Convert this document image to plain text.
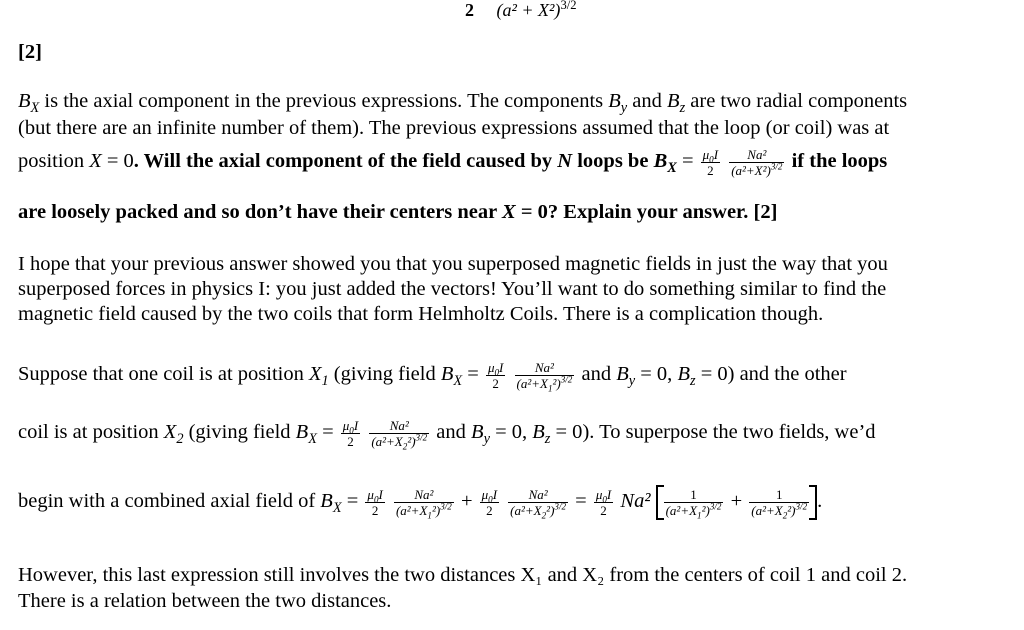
2 $(a^2 + X^2)^{3/2}$
[2]
$B_X$ is the axial component in the previous expressions. The components $B_y$ and $B_z$ are two radial components
(but there are an infinite number of them). The previous expressions assumed that the loop (or coil) was at
position X = 0. Will the axial component of the field caused by N loops be $B_X = \frac{\mu_0I}{2}$
$\frac{\text{Na²}}{(a^2+X^2)^{3/2}}$ if the loops
are loosely packed and so don’t have their centers near X = 0? Explain your answer. [2]
I hope that your previous answer showed you that you superposed magnetic fields in just the way that you
superposed forces in physics I: you just added the vectors! You’ll want to do something similar to find the
magnetic field caused by the two coils that form Helmholtz Coils. There is a complication though.
Suppose that one coil is at position $X_1$ (giving field $B_X = \frac{\mu_0I}{2}$
$\frac{\text{Na²}}{(a^2+X_1^2)^{3/2}}$ and $B_y = 0$, $B_z = 0$) and the other
coil is at position $X_2$ (giving field $B_X = \frac{\mu_0I}{2}$
$\frac{\text{Na²}}{(a^2+X_2^2)^{3/2}}$ and $B_y = 0$, $B_z = 0$). To superpose the two fields, we’d
begin with a combined axial field of $B_X = \frac{\mu_0I}{2}$
$\frac{\text{Na²}}{(a^2+X_1^2)^{3/2}} + \frac{\mu_0I}{2}$
$\frac{\text{Na²}}{(a^2+X_2^2)^{3/2}} = \frac{\mu_0I}{2} Na^2 \frac{1}{(a^2+X_1^2)^{3/2}} + \frac{1}{(a^2+X_2^2)^{3/2}}$ .
However, this last expression still involves the two distances X₁ and X₂ from the centers of coil 1 and coil 2.
There is a relation between the two distances.
